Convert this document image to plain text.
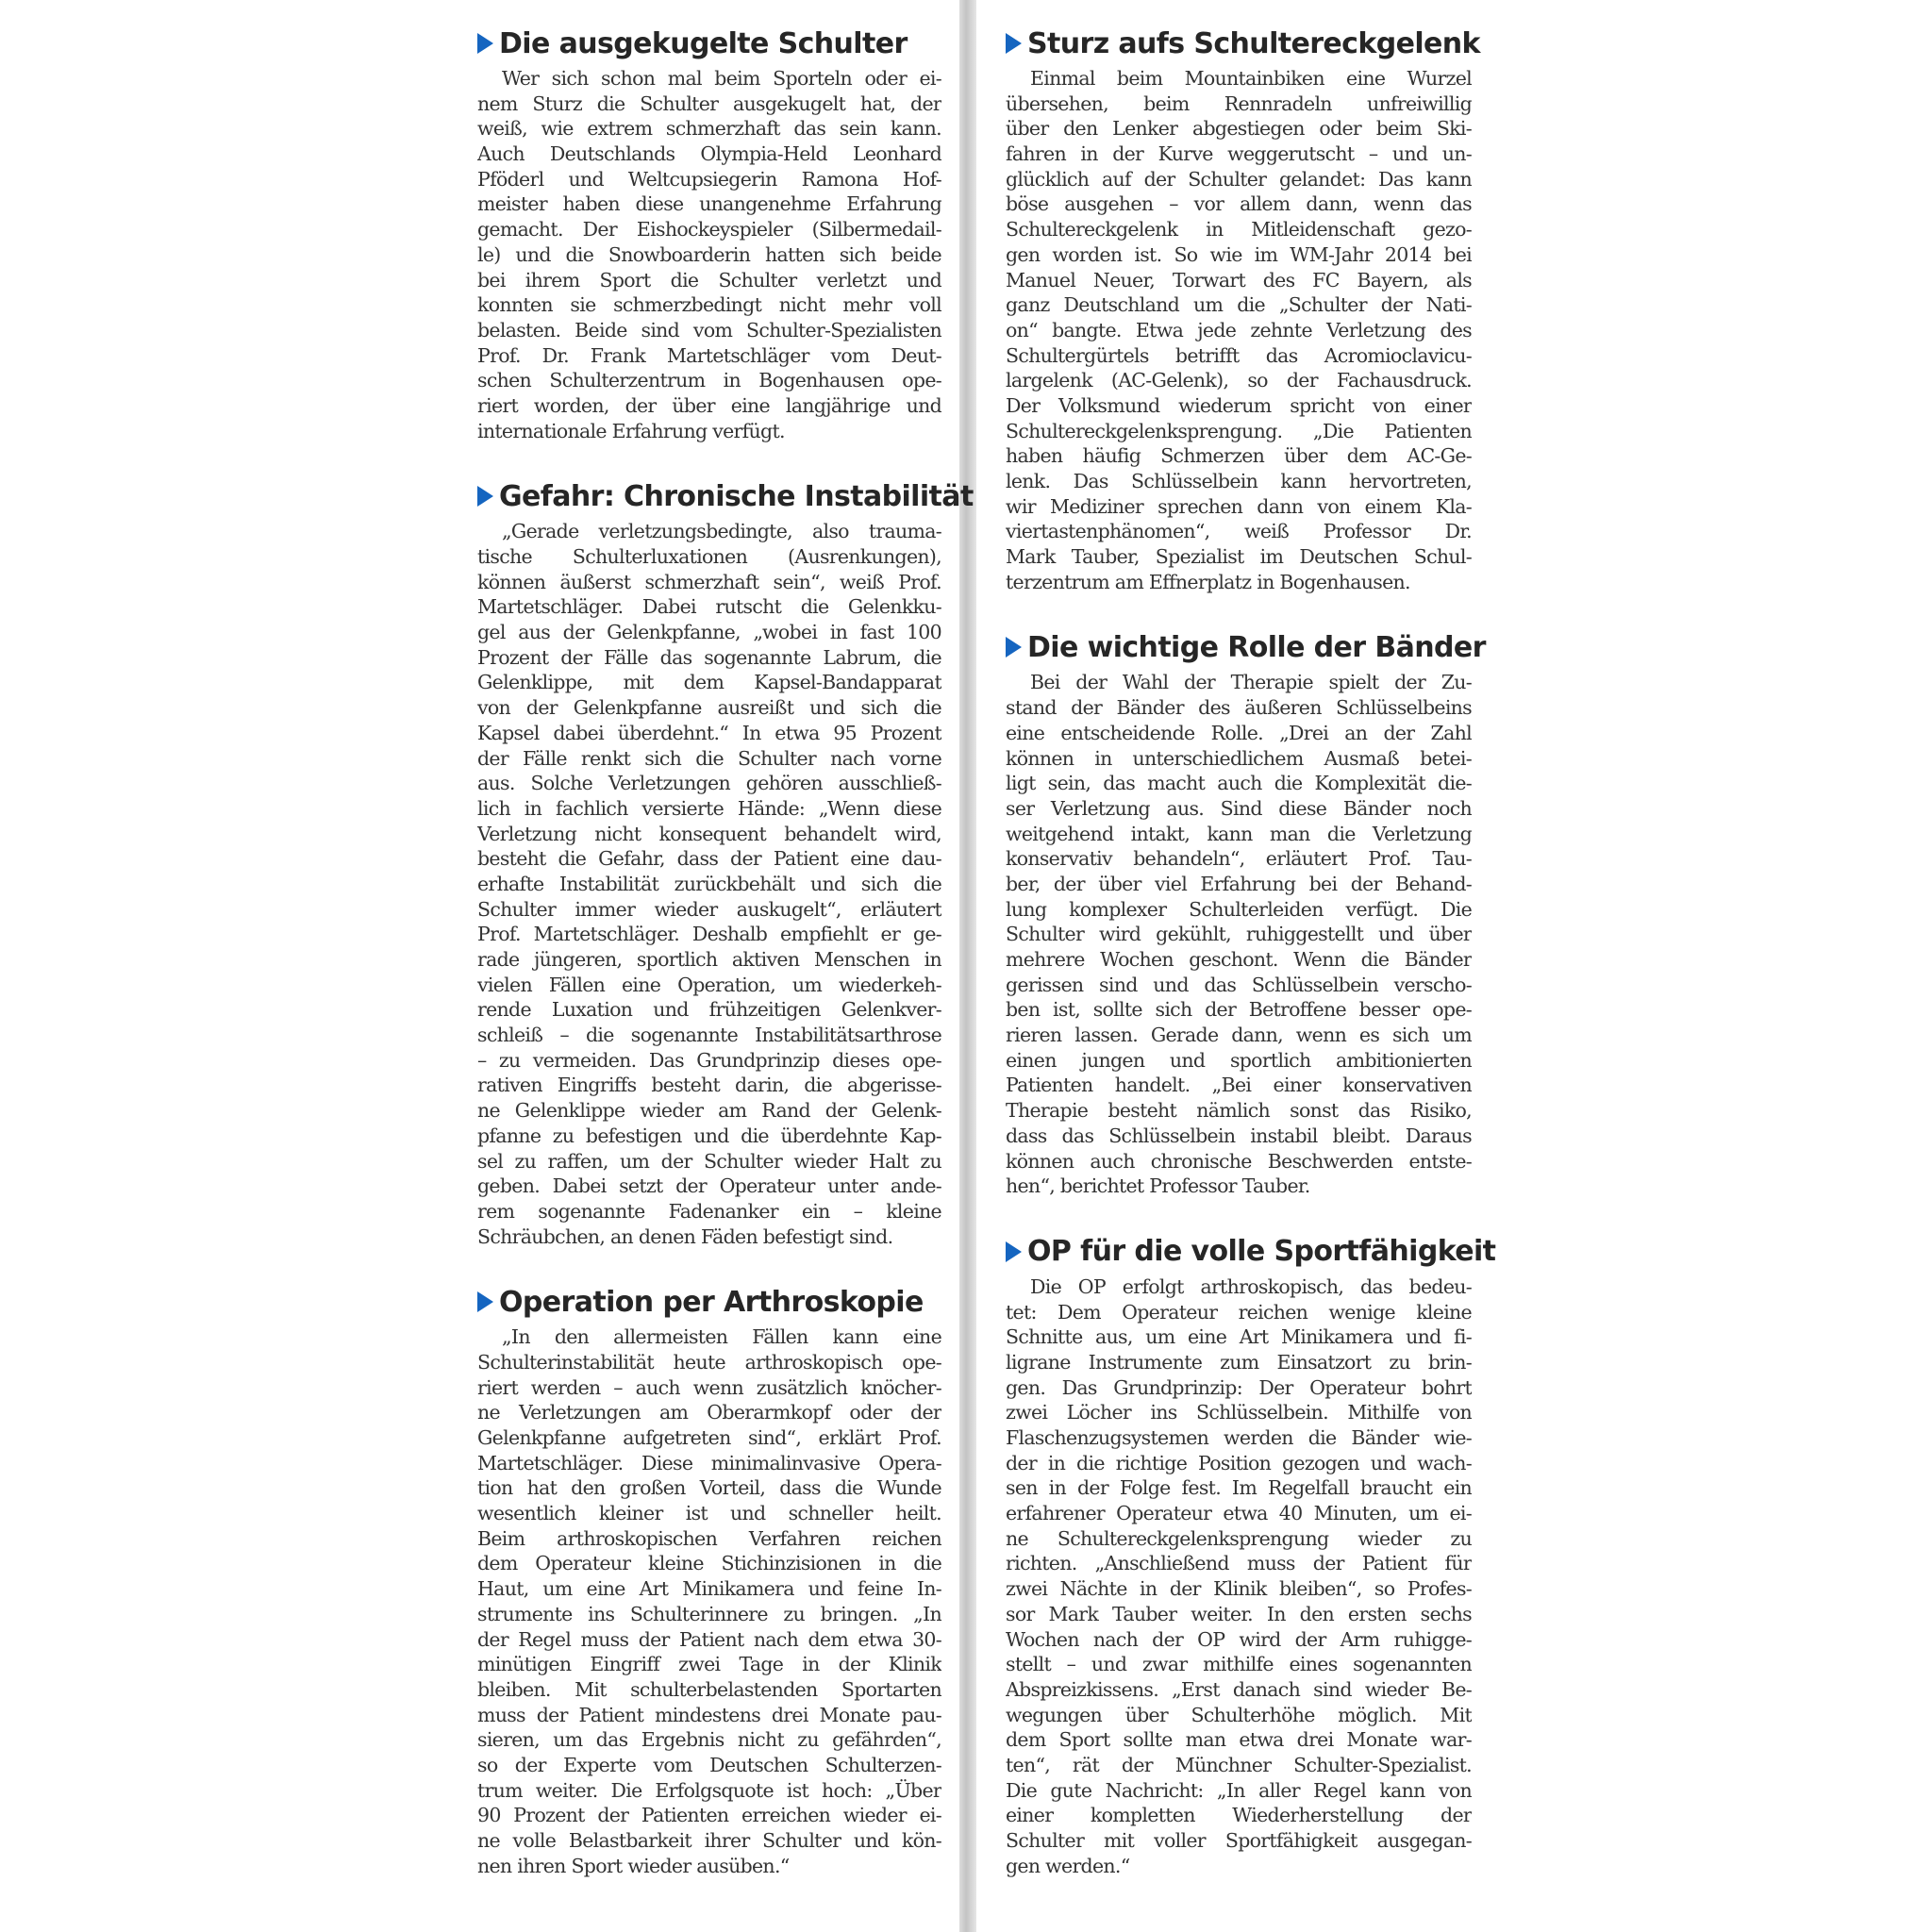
Die ausgekugelte Schulter
Wer sich schon mal beim Sporteln oder ei-
nem Sturz die Schulter ausgekugelt hat, der
weiß, wie extrem schmerzhaft das sein kann.
Auch Deutschlands Olympia-Held Leonhard
Pföderl und Weltcupsiegerin Ramona Hof-
meister haben diese unangenehme Erfahrung
gemacht. Der Eishockeyspieler (Silbermedail-
le) und die Snowboarderin hatten sich beide
bei ihrem Sport die Schulter verletzt und
konnten sie schmerzbedingt nicht mehr voll
belasten. Beide sind vom Schulter-Spezialisten
Prof. Dr. Frank Martetschläger vom Deut-
schen Schulterzentrum in Bogenhausen ope-
riert worden, der über eine langjährige und
internationale Erfahrung verfügt.
Gefahr: Chronische Instabilität
„Gerade verletzungsbedingte, also trauma-
tische Schulterluxationen (Ausrenkungen),
können äußerst schmerzhaft sein“, weiß Prof.
Martetschläger. Dabei rutscht die Gelenkku-
gel aus der Gelenkpfanne, „wobei in fast 100
Prozent der Fälle das sogenannte Labrum, die
Gelenklippe, mit dem Kapsel-Bandapparat
von der Gelenkpfanne ausreißt und sich die
Kapsel dabei überdehnt.“ In etwa 95 Prozent
der Fälle renkt sich die Schulter nach vorne
aus. Solche Verletzungen gehören ausschließ-
lich in fachlich versierte Hände: „Wenn diese
Verletzung nicht konsequent behandelt wird,
besteht die Gefahr, dass der Patient eine dau-
erhafte Instabilität zurückbehält und sich die
Schulter immer wieder auskugelt“, erläutert
Prof. Martetschläger. Deshalb empfiehlt er ge-
rade jüngeren, sportlich aktiven Menschen in
vielen Fällen eine Operation, um wiederkeh-
rende Luxation und frühzeitigen Gelenkver-
schleiß – die sogenannte Instabilitätsarthrose
– zu vermeiden. Das Grundprinzip dieses ope-
rativen Eingriffs besteht darin, die abgerisse-
ne Gelenklippe wieder am Rand der Gelenk-
pfanne zu befestigen und die überdehnte Kap-
sel zu raffen, um der Schulter wieder Halt zu
geben. Dabei setzt der Operateur unter ande-
rem sogenannte Fadenanker ein – kleine
Schräubchen, an denen Fäden befestigt sind.
Operation per Arthroskopie
„In den allermeisten Fällen kann eine
Schulterinstabilität heute arthroskopisch ope-
riert werden – auch wenn zusätzlich knöcher-
ne Verletzungen am Oberarmkopf oder der
Gelenkpfanne aufgetreten sind“, erklärt Prof.
Martetschläger. Diese minimalinvasive Opera-
tion hat den großen Vorteil, dass die Wunde
wesentlich kleiner ist und schneller heilt.
Beim arthroskopischen Verfahren reichen
dem Operateur kleine Stichinzisionen in die
Haut, um eine Art Minikamera und feine In-
strumente ins Schulterinnere zu bringen. „In
der Regel muss der Patient nach dem etwa 30-
minütigen Eingriff zwei Tage in der Klinik
bleiben. Mit schulterbelastenden Sportarten
muss der Patient mindestens drei Monate pau-
sieren, um das Ergebnis nicht zu gefährden“,
so der Experte vom Deutschen Schulterzen-
trum weiter. Die Erfolgsquote ist hoch: „Über
90 Prozent der Patienten erreichen wieder ei-
ne volle Belastbarkeit ihrer Schulter und kön-
nen ihren Sport wieder ausüben.“
Sturz aufs Schultereckgelenk
Einmal beim Mountainbiken eine Wurzel
übersehen, beim Rennradeln unfreiwillig
über den Lenker abgestiegen oder beim Ski-
fahren in der Kurve weggerutscht – und un-
glücklich auf der Schulter gelandet: Das kann
böse ausgehen – vor allem dann, wenn das
Schultereckgelenk in Mitleidenschaft gezo-
gen worden ist. So wie im WM-Jahr 2014 bei
Manuel Neuer, Torwart des FC Bayern, als
ganz Deutschland um die „Schulter der Nati-
on“ bangte. Etwa jede zehnte Verletzung des
Schultergürtels betrifft das Acromioclavicu-
largelenk (AC-Gelenk), so der Fachausdruck.
Der Volksmund wiederum spricht von einer
Schultereckgelenksprengung. „Die Patienten
haben häufig Schmerzen über dem AC-Ge-
lenk. Das Schlüsselbein kann hervortreten,
wir Mediziner sprechen dann von einem Kla-
viertastenphänomen“, weiß Professor Dr.
Mark Tauber, Spezialist im Deutschen Schul-
terzentrum am Effnerplatz in Bogenhausen.
Die wichtige Rolle der Bänder
Bei der Wahl der Therapie spielt der Zu-
stand der Bänder des äußeren Schlüsselbeins
eine entscheidende Rolle. „Drei an der Zahl
können in unterschiedlichem Ausmaß betei-
ligt sein, das macht auch die Komplexität die-
ser Verletzung aus. Sind diese Bänder noch
weitgehend intakt, kann man die Verletzung
konservativ behandeln“, erläutert Prof. Tau-
ber, der über viel Erfahrung bei der Behand-
lung komplexer Schulterleiden verfügt. Die
Schulter wird gekühlt, ruhiggestellt und über
mehrere Wochen geschont. Wenn die Bänder
gerissen sind und das Schlüsselbein verscho-
ben ist, sollte sich der Betroffene besser ope-
rieren lassen. Gerade dann, wenn es sich um
einen jungen und sportlich ambitionierten
Patienten handelt. „Bei einer konservativen
Therapie besteht nämlich sonst das Risiko,
dass das Schlüsselbein instabil bleibt. Daraus
können auch chronische Beschwerden entste-
hen“, berichtet Professor Tauber.
OP für die volle Sportfähigkeit
Die OP erfolgt arthroskopisch, das bedeu-
tet: Dem Operateur reichen wenige kleine
Schnitte aus, um eine Art Minikamera und fi-
ligrane Instrumente zum Einsatzort zu brin-
gen. Das Grundprinzip: Der Operateur bohrt
zwei Löcher ins Schlüsselbein. Mithilfe von
Flaschenzugsystemen werden die Bänder wie-
der in die richtige Position gezogen und wach-
sen in der Folge fest. Im Regelfall braucht ein
erfahrener Operateur etwa 40 Minuten, um ei-
ne Schultereckgelenksprengung wieder zu
richten. „Anschließend muss der Patient für
zwei Nächte in der Klinik bleiben“, so Profes-
sor Mark Tauber weiter. In den ersten sechs
Wochen nach der OP wird der Arm ruhigge-
stellt – und zwar mithilfe eines sogenannten
Abspreizkissens. „Erst danach sind wieder Be-
wegungen über Schulterhöhe möglich. Mit
dem Sport sollte man etwa drei Monate war-
ten“, rät der Münchner Schulter-Spezialist.
Die gute Nachricht: „In aller Regel kann von
einer kompletten Wiederherstellung der
Schulter mit voller Sportfähigkeit ausgegan-
gen werden.“
